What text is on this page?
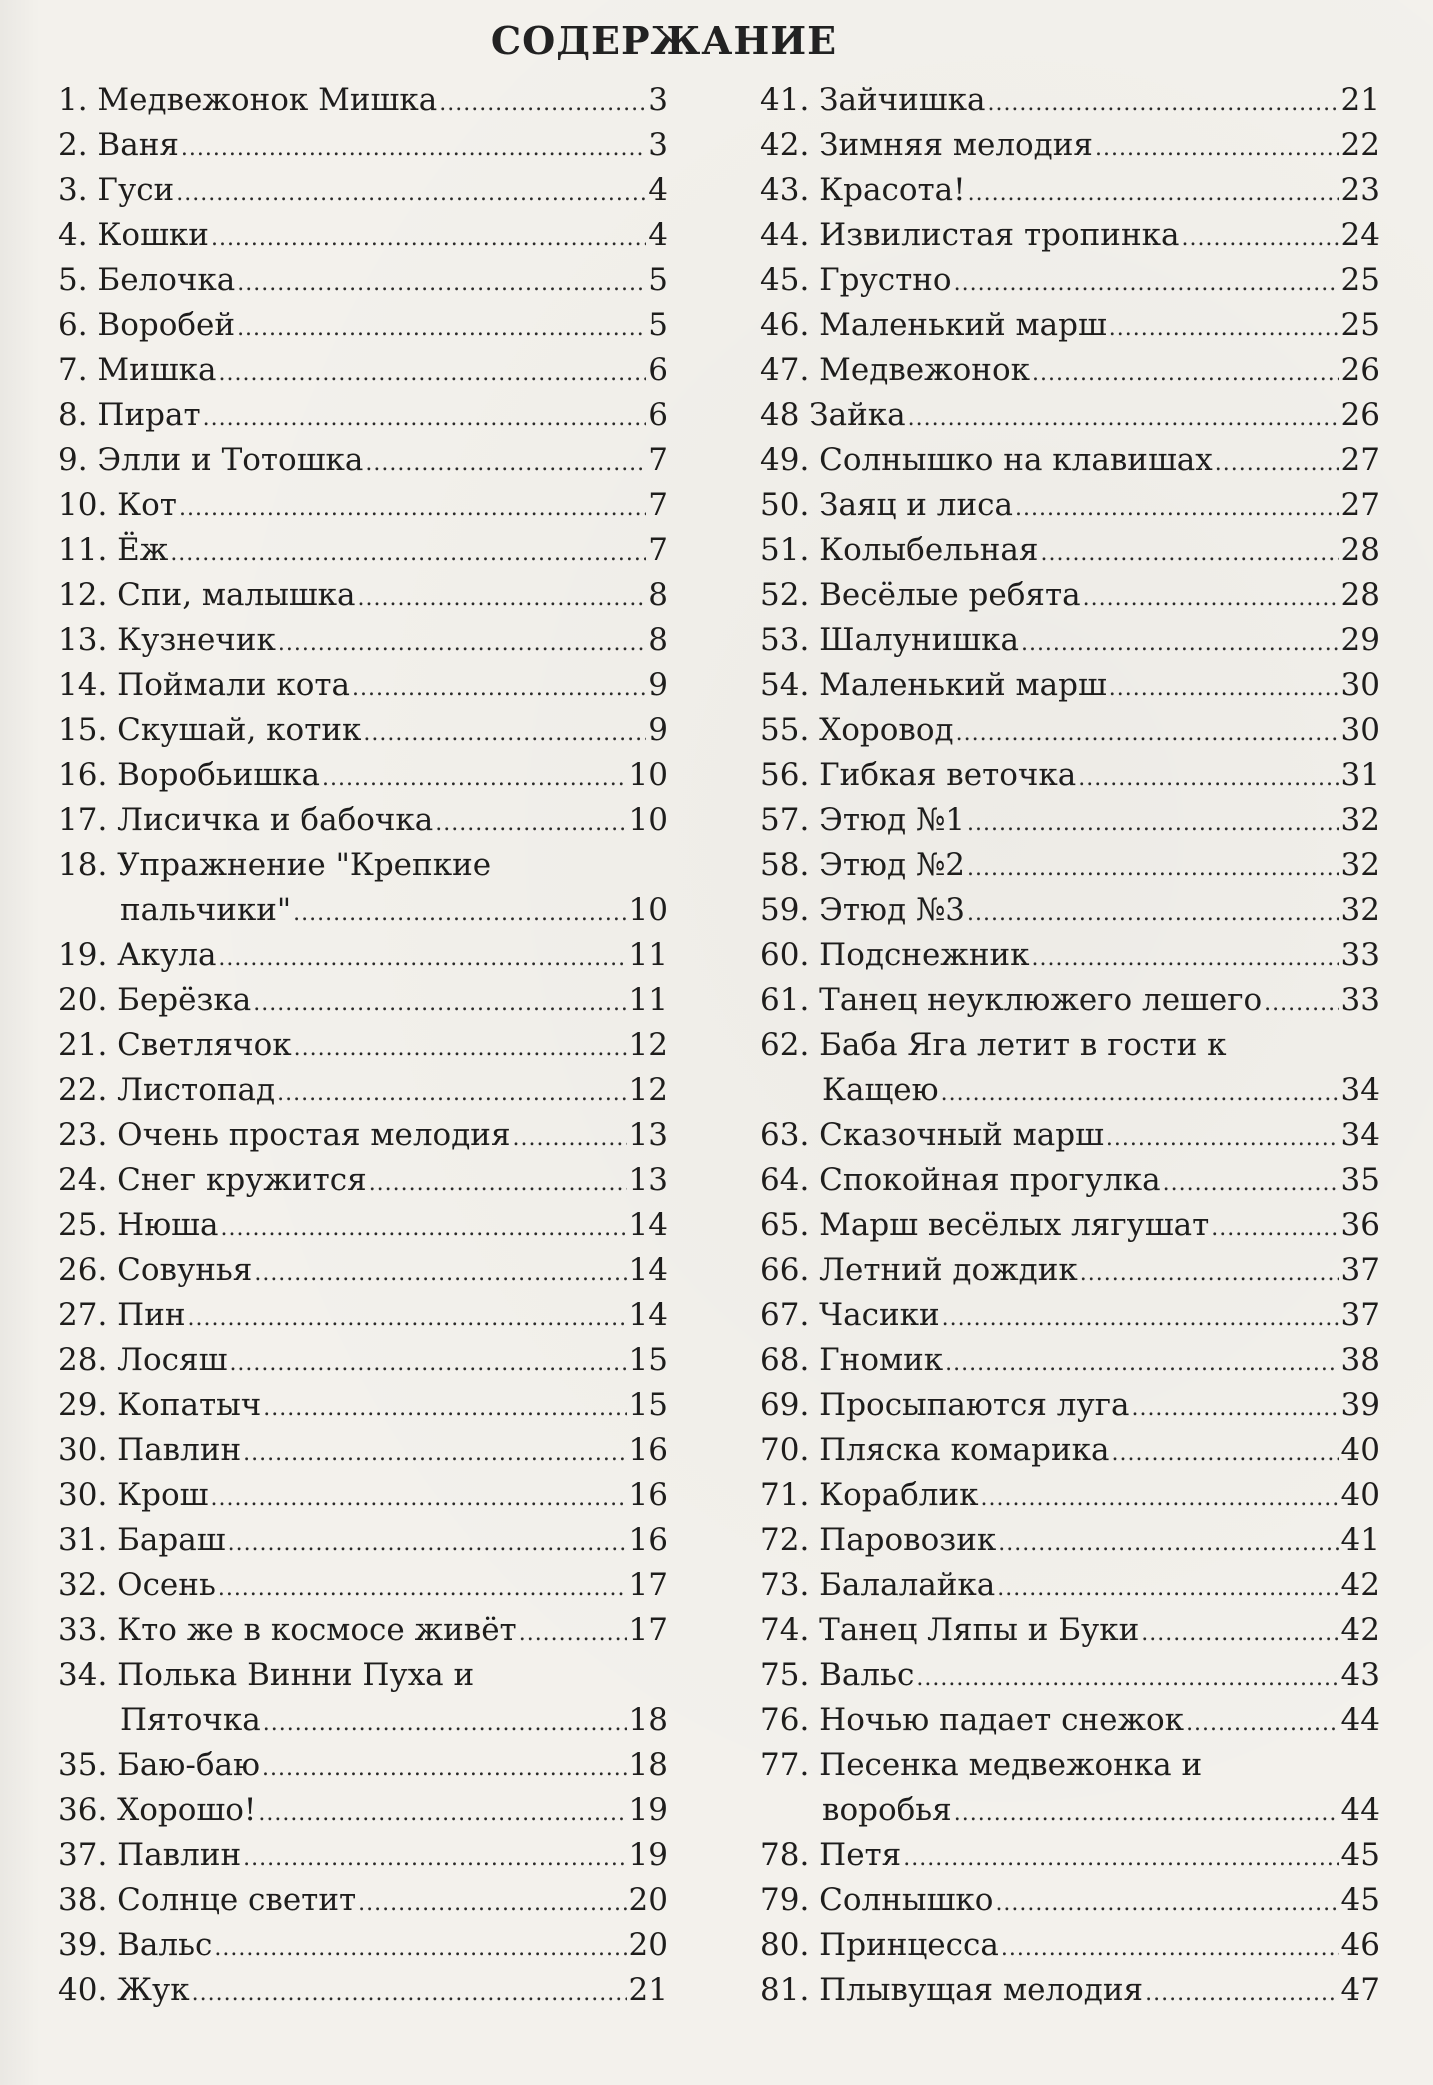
СОДЕРЖАНИЕ
1. Медвежонок Мишка .....	3
2. Ваня .....	3
3. Гуси .....	4
4. Кошки .....	4
5. Белочка .....	5
6. Воробей .....	5
7. Мишка .....	6
8. Пират .....	6
9. Элли и Тотошка .....	7
10. Кот .....	7
11. Ёж .....	7
12. Спи, малышка .....	8
13. Кузнечик .....	8
14. Поймали кота .....	9
15. Скушай, котик .....	9
16. Воробьишка .....	10
17. Лисичка и бабочка .....	10
18. Упражнение "Крепкие
пальчики" .....	10
19. Акула .....	11
20. Берёзка .....	11
21. Светлячок .....	12
22. Листопад .....	12
23. Очень простая мелодия .....	13
24. Снег кружится .....	13
25. Нюша .....	14
26. Совунья .....	14
27. Пин .....	14
28. Лосяш .....	15
29. Копатыч .....	15
30. Павлин .....	16
30. Крош .....	16
31. Бараш .....	16
32. Осень .....	17
33. Кто же в космосе живёт .....	17
34. Полька Винни Пуха и
Пяточка .....	18
35. Баю-баю .....	18
36. Хорошо! .....	19
37. Павлин .....	19
38. Солнце светит .....	20
39. Вальс .....	20
40. Жук .....	21
41. Зайчишка .....	21
42. Зимняя мелодия .....	22
43. Красота! .....	23
44. Извилистая тропинка .....	24
45. Грустно .....	25
46. Маленький марш .....	25
47. Медвежонок .....	26
48 Зайка .....	26
49. Солнышко на клавишах .....	27
50. Заяц и лиса .....	27
51. Колыбельная .....	28
52. Весёлые ребята .....	28
53. Шалунишка .....	29
54. Маленький марш .....	30
55. Хоровод .....	30
56. Гибкая веточка .....	31
57. Этюд №1 .....	32
58. Этюд №2 .....	32
59. Этюд №3 .....	32
60. Подснежник .....	33
61. Танец неуклюжего лешего .....	33
62. Баба Яга летит в гости к
Кащею .....	34
63. Сказочный марш .....	34
64. Спокойная прогулка .....	35
65. Марш весёлых лягушат .....	36
66. Летний дождик .....	37
67. Часики .....	37
68. Гномик .....	38
69. Просыпаются луга .....	39
70. Пляска комарика .....	40
71. Кораблик .....	40
72. Паровозик .....	41
73. Балалайка .....	42
74. Танец Ляпы и Буки .....	42
75. Вальс .....	43
76. Ночью падает снежок .....	44
77. Песенка медвежонка и
воробья .....	44
78. Петя .....	45
79. Солнышко .....	45
80. Принцесса .....	46
81. Плывущая мелодия .....	47
